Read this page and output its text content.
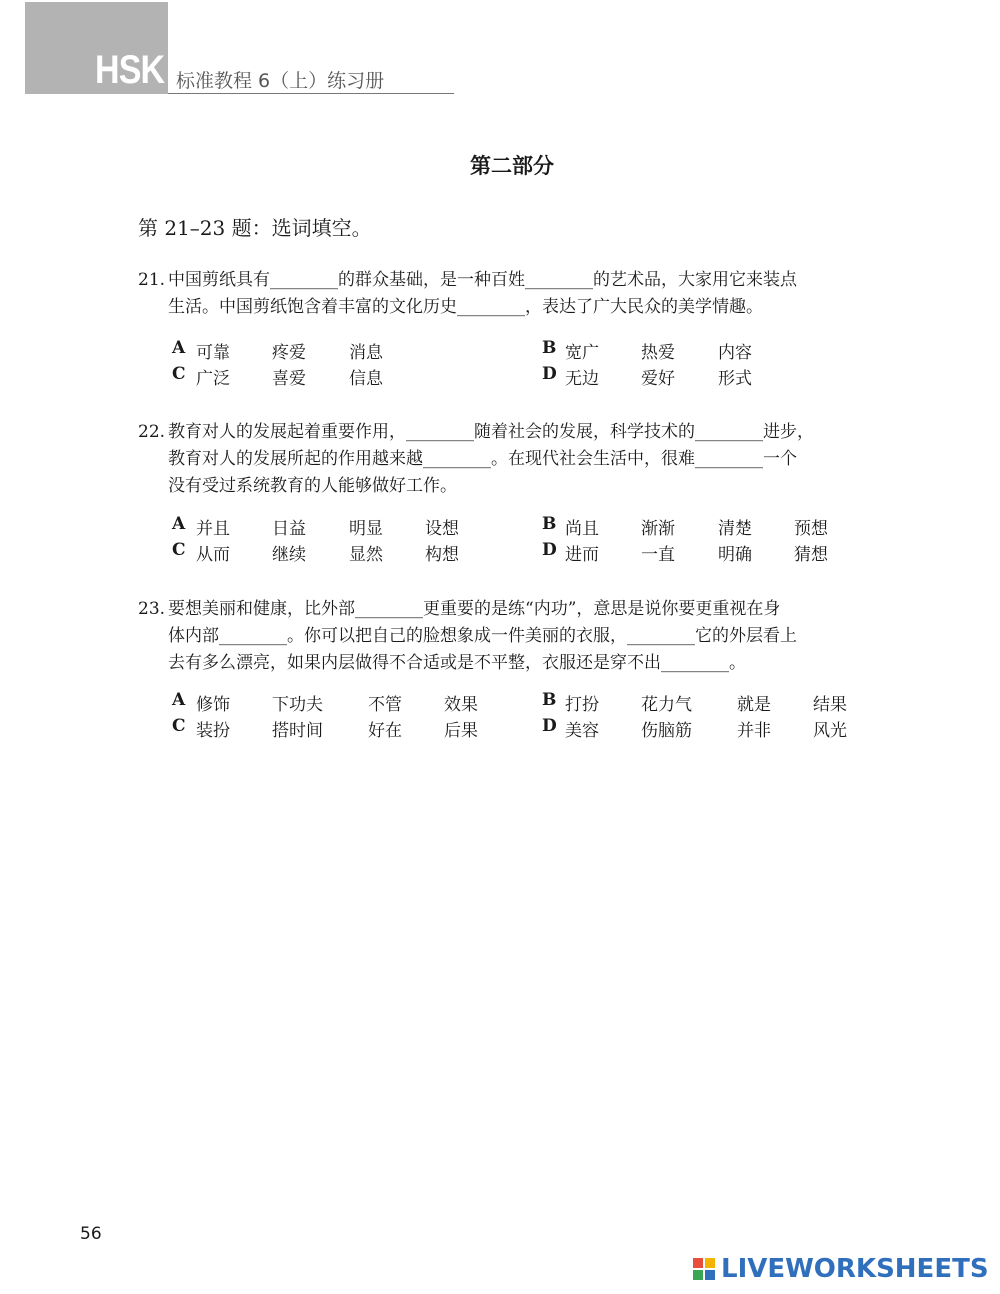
HSK 标准教程 6（上）练习册
第二部分
第 21–23 题：选词填空。
21. 中国剪纸具有________的群众基础，是一种百姓________的艺术品，大家用它来装点
生活。中国剪纸饱含着丰富的文化历史________，表达了广大民众的美学情趣。
A 可靠 疼爱	消息	B 宽广 热爱	内容
C 广泛 喜爱	信息	D 无边 爱好	形式
22. 教育对人的发展起着重要作用，________随着社会的发展，科学技术的________进步，
教育对人的发展所起的作用越来越________。在现代社会生活中，很难________一个
没有受过系统教育的人能够做好工作。
A 并且 日益	明显 设想	B 尚且 渐渐	清楚 预想
C 从而 继续	显然 构想	D 进而 一直	明确 猜想
23. 要想美丽和健康，比外部________更重要的是练“内功”，意思是说你要更重视在身
体内部________。你可以把自己的脸想象成一件美丽的衣服，________它的外层看上
去有多么漂亮，如果内层做得不合适或是不平整，衣服还是穿不出________。
A 修饰 下功夫	不管 效果	B 打扮 花力气	就是 结果
C 装扮 搭时间	好在 后果	D 美容 伤脑筋	并非 风光
56
LIVEWORKSHEETS
